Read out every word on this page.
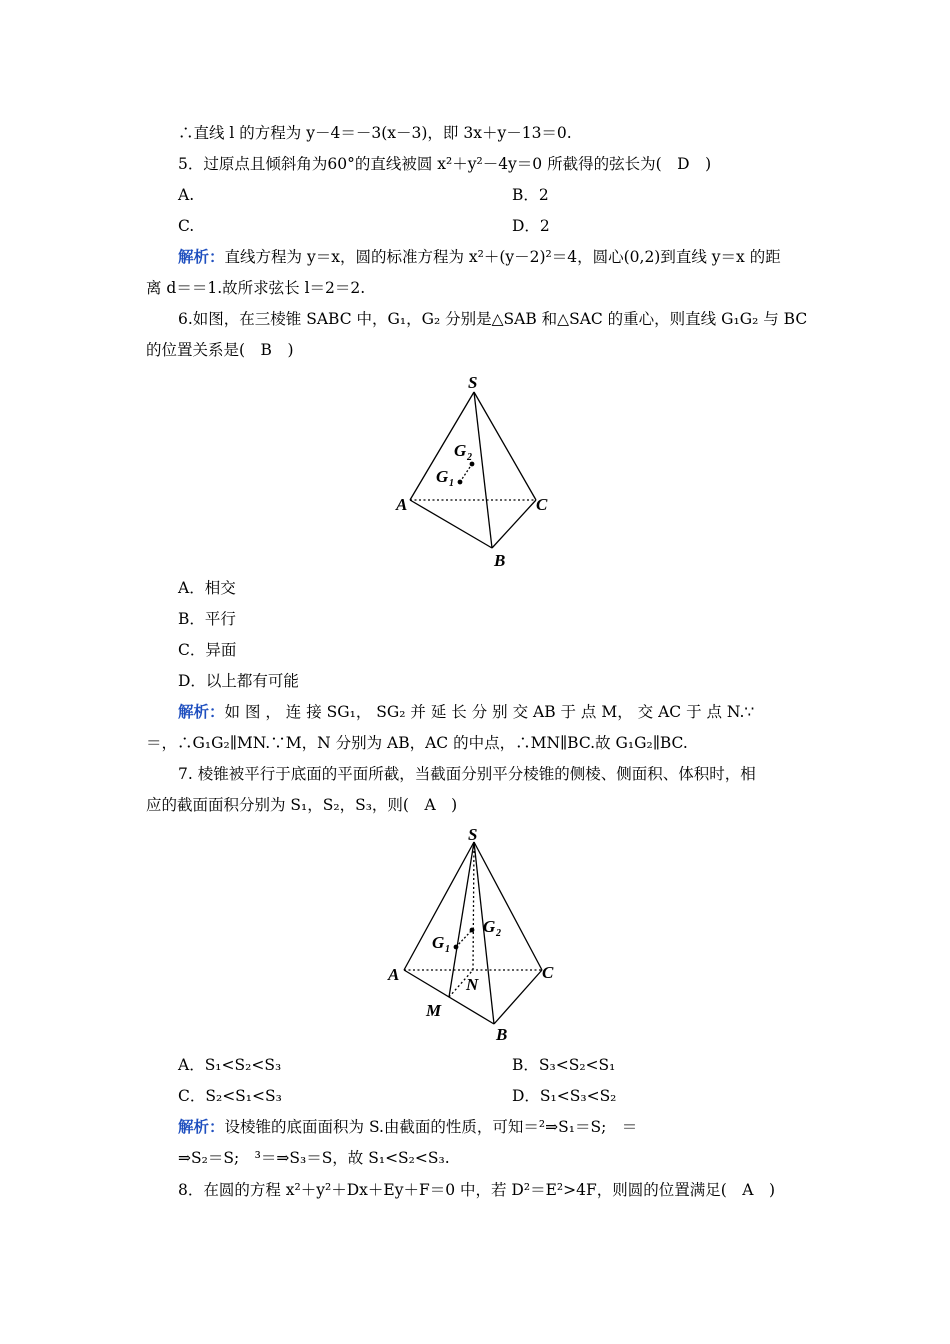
∴直线 l 的方程为 y－4＝－3(x－3)，即 3x＋y－13＝0.
5．过原点且倾斜角为60°的直线被圆 x²＋y²－4y＝0 所截得的弦长为(　D　)
A.	B．2
C.	D．2
解析：直线方程为 y＝x，圆的标准方程为 x²＋(y－2)²＝4，圆心(0,2)到直线 y＝x 的距
离 d＝＝1.故所求弦长 l＝2＝2.
6.如图，在三棱锥 SABC 中，G₁，G₂ 分别是△SAB 和△SAC 的重心，则直线 G₁G₂ 与 BC
的位置关系是(　B　)
S
A
B
C
G 1
G 2
A．相交
B．平行
C．异面
D．以上都有可能
解析：如 图 ， 连 接 SG₁， SG₂ 并 延 长 分 别 交 AB 于 点 M， 交 AC 于 点 N.∵
＝，∴G₁G₂∥MN.∵M，N 分别为 AB，AC 的中点，∴MN∥BC.故 G₁G₂∥BC.
7. 棱锥被平行于底面的平面所截，当截面分别平分棱锥的侧棱、侧面积、体积时，相
应的截面面积分别为 S₁，S₂，S₃，则(　A　)
S
A
B
C
M
N
G 1
G 2
A．S₁<S₂<S₃	B．S₃<S₂<S₁
C．S₂<S₁<S₃	D．S₁<S₃<S₂
解析：设棱锥的底面面积为 S.由截面的性质，可知＝²⇒S₁＝S;　＝
⇒S₂＝S;　³＝⇒S₃＝S，故 S₁<S₂<S₃.
8．在圆的方程 x²＋y²＋Dx＋Ey＋F＝0 中，若 D²＝E²>4F，则圆的位置满足(　A　)
